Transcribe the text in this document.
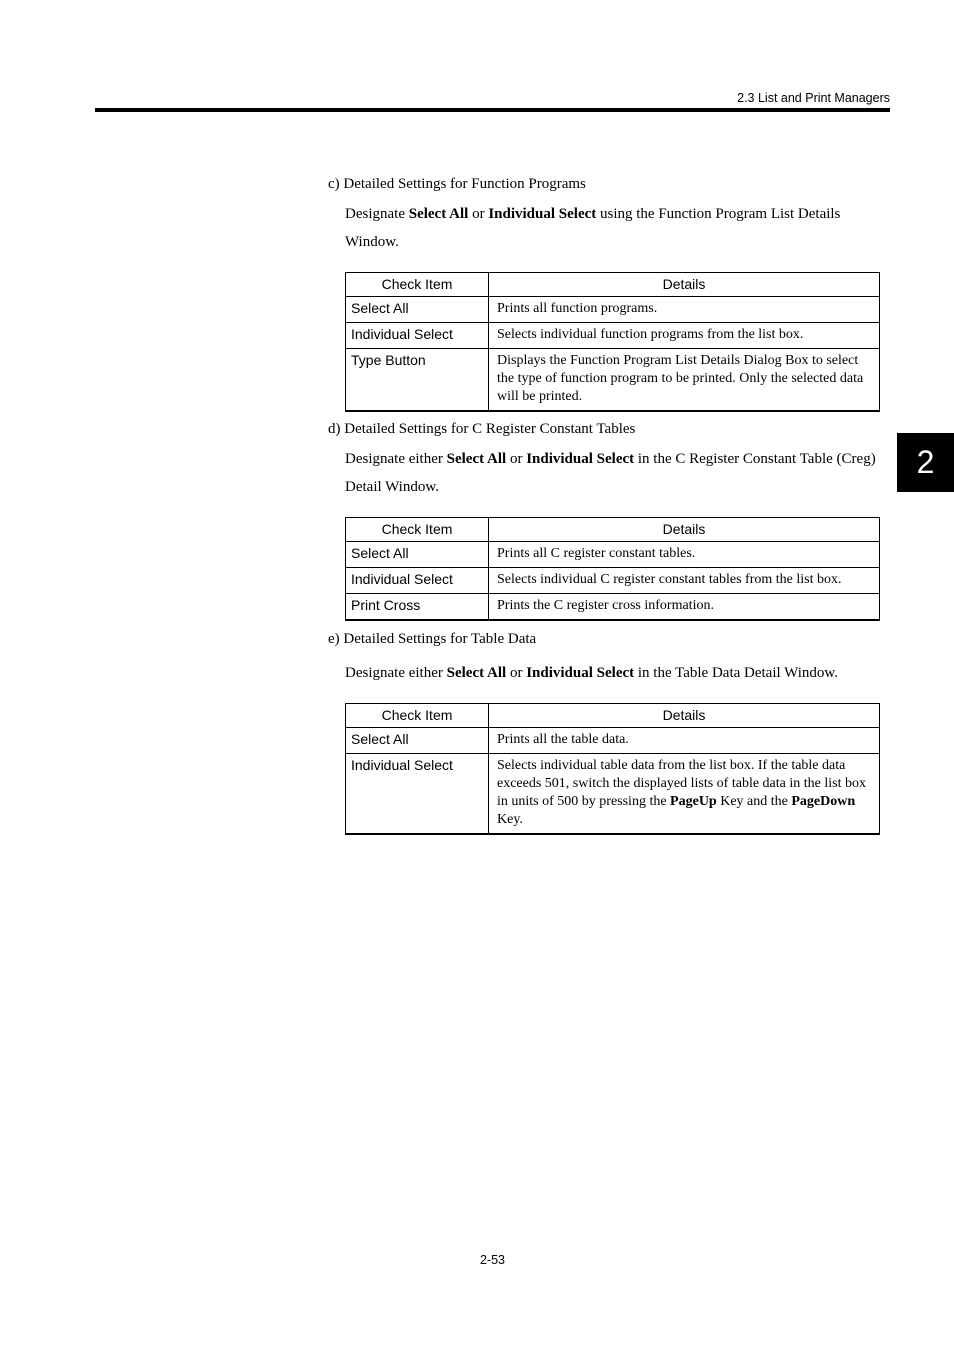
2.3 List and Print Managers
2
c) Detailed Settings for Function Programs
Designate Select All or Individual Select using the Function Program List Details Window.
Check Item	Details
Select All	Prints all function programs.
Individual Select	Selects individual function programs from the list box.
Type Button	Displays the Function Program List Details Dialog Box to select the type of function program to be printed. Only the selected data will be printed.
d) Detailed Settings for C Register Constant Tables
Designate either Select All or Individual Select in the C Register Constant Table (Creg) Detail Window.
Check Item	Details
Select All	Prints all C register constant tables.
Individual Select	Selects individual C register constant tables from the list box.
Print Cross	Prints the C register cross information.
e) Detailed Settings for Table Data
Designate either Select All or Individual Select in the Table Data Detail Window.
Check Item	Details
Select All	Prints all the table data.
Individual Select	Selects individual table data from the list box. If the table data exceeds 501, switch the displayed lists of table data in the list box in units of 500 by pressing the PageUp Key and the PageDown Key.
2-53
